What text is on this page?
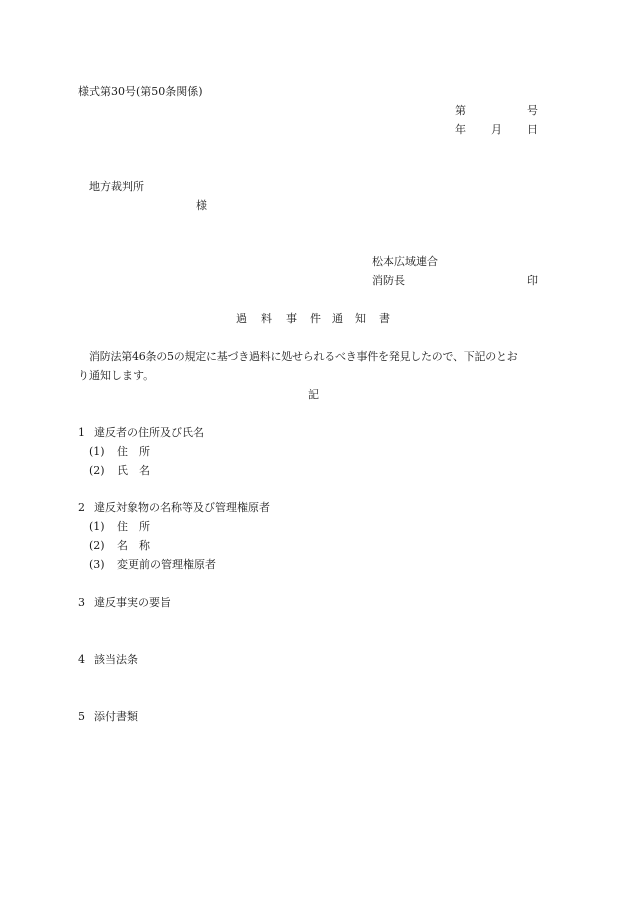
様式第30号(第50条関係)
第	号
年 月 日
地方裁判所
様
松本広域連合
消防長	印
過 料 事 件 通 知 書
消防法第46条の5の規定に基づき過料に処せられるべき事件を発見したので、下記のとお
り通知します。
記
1 違反者の住所及び氏名
(1) 住　所
(2) 氏　名
2 違反対象物の名称等及び管理権原者
(1) 住　所
(2) 名　称
(3) 変更前の管理権原者
3 違反事実の要旨
4 該当法条
5 添付書類
